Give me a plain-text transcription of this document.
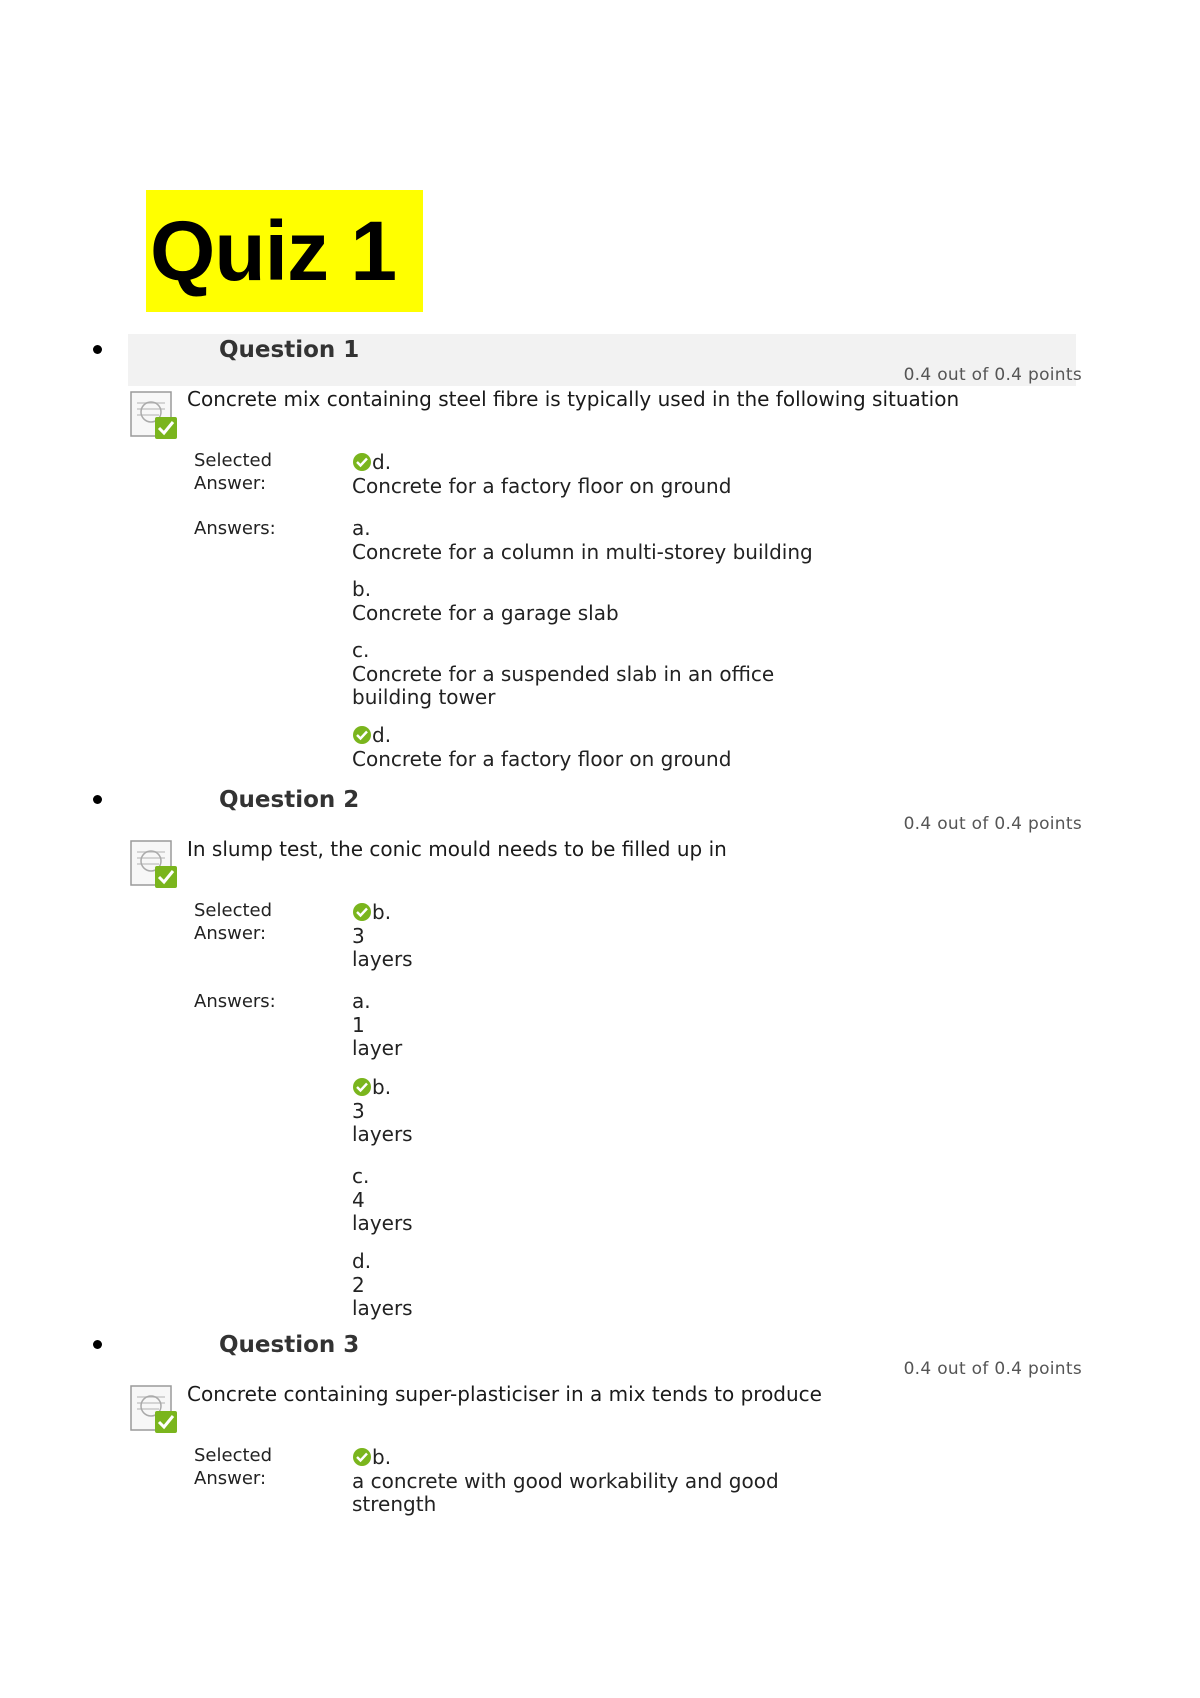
Quiz 1
Question 1
0.4 out of 0.4 points
Concrete mix containing steel fibre is typically used in the following situation
Selected
Answer:
d.
Concrete for a factory floor on ground
Answers:	a.
Concrete for a column in multi-storey building
b.
Concrete for a garage slab
c.
Concrete for a suspended slab in an office
building tower
d.
Concrete for a factory floor on ground
Question 2
0.4 out of 0.4 points
In slump test, the conic mould needs to be filled up in
Selected
Answer:
b.
3
layers
Answers:	a.
1
layer
b.
3
layers
c.
4
layers
d.
2
layers
Question 3
0.4 out of 0.4 points
Concrete containing super-plasticiser in a mix tends to produce
Selected
Answer:
b.
a concrete with good workability and good
strength
